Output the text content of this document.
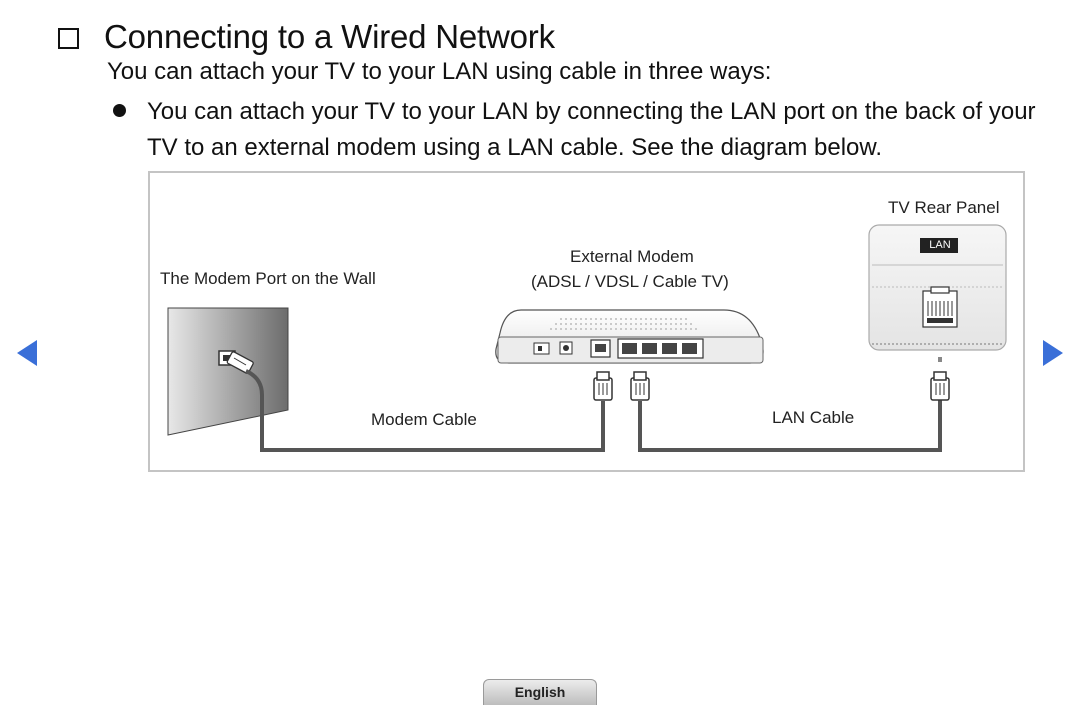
Connecting to a Wired Network
You can attach your TV to your LAN using cable in three ways:
You can attach your TV to your LAN by connecting the LAN port on the back of your TV to an external modem using a LAN cable. See the diagram below.
The Modem Port on the Wall
External Modem
(ADSL / VDSL / Cable TV)
TV Rear Panel
LAN
Modem Cable	LAN Cable
English
